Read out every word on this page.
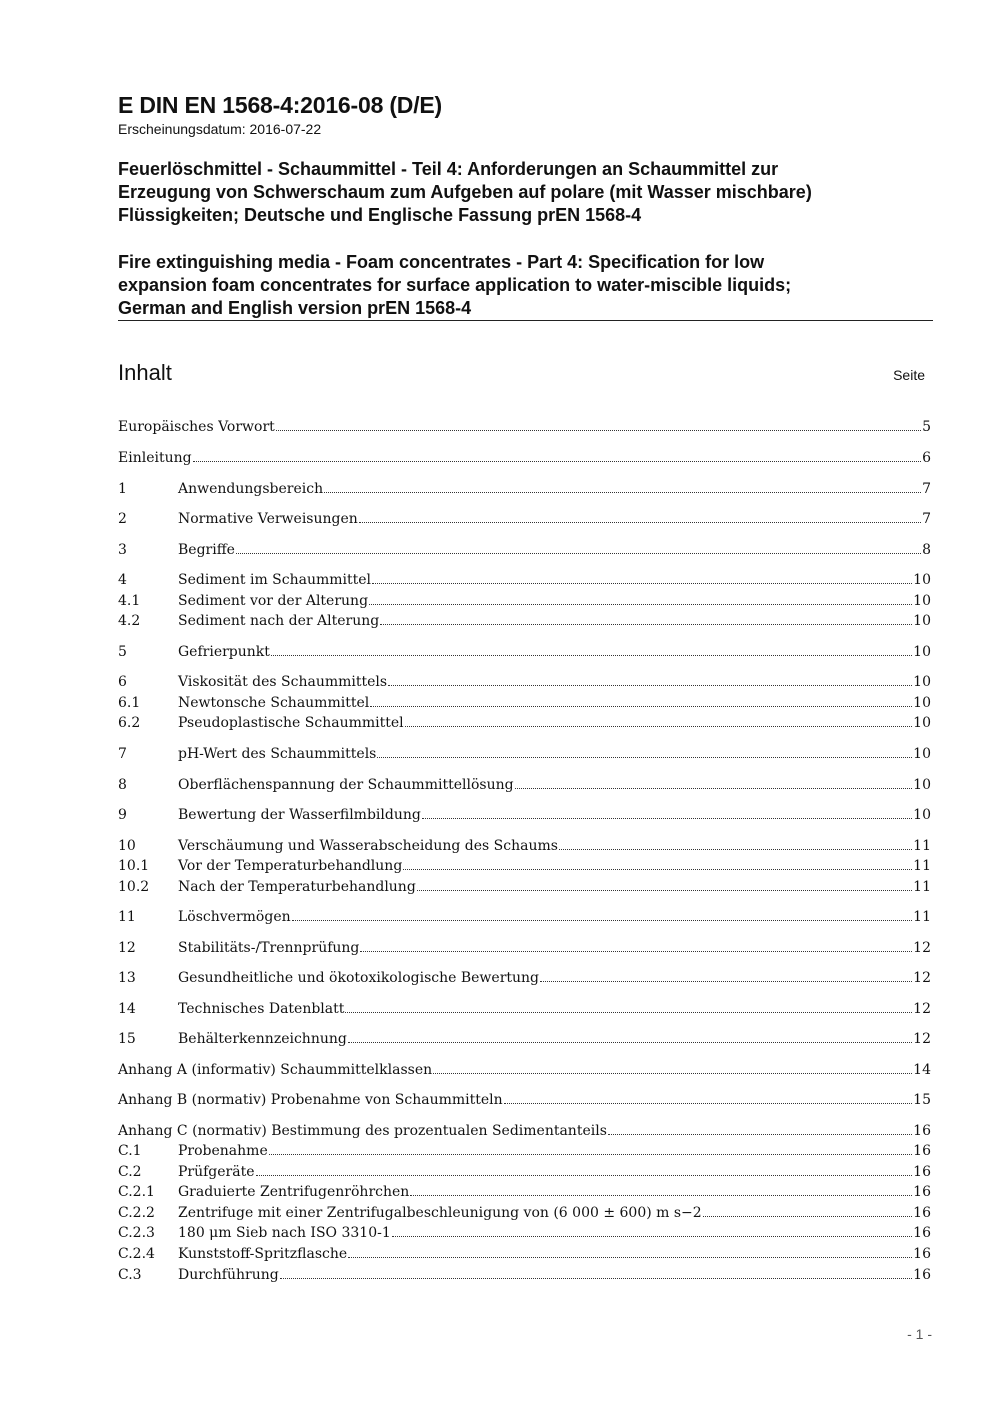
E DIN EN 1568-4:2016-08 (D/E)
Erscheinungsdatum: 2016-07-22
Feuerlöschmittel - Schaummittel - Teil 4: Anforderungen an Schaummittel zur
Erzeugung von Schwerschaum zum Aufgeben auf polare (mit Wasser mischbare)
Flüssigkeiten; Deutsche und Englische Fassung prEN 1568-4
Fire extinguishing media - Foam concentrates - Part 4: Specification for low
expansion foam concentrates for surface application to water-miscible liquids;
German and English version prEN 1568-4
Inhalt	Seite
Europäisches Vorwort	5
Einleitung	6
1	Anwendungsbereich	7
2	Normative Verweisungen	7
3	Begriffe	8
4	Sediment im Schaummittel	10
4.1	Sediment vor der Alterung	10
4.2	Sediment nach der Alterung	10
5	Gefrierpunkt	10
6	Viskosität des Schaummittels	10
6.1	Newtonsche Schaummittel	10
6.2	Pseudoplastische Schaummittel	10
7	pH-Wert des Schaummittels	10
8	Oberflächenspannung der Schaummittellösung	10
9	Bewertung der Wasserfilmbildung	10
10	Verschäumung und Wasserabscheidung des Schaums	11
10.1	Vor der Temperaturbehandlung	11
10.2	Nach der Temperaturbehandlung	11
11	Löschvermögen	11
12	Stabilitäts-/Trennprüfung	12
13	Gesundheitliche und ökotoxikologische Bewertung	12
14	Technisches Datenblatt	12
15	Behälterkennzeichnung	12
Anhang A (informativ) Schaummittelklassen	14
Anhang B (normativ) Probenahme von Schaummitteln	15
Anhang C (normativ) Bestimmung des prozentualen Sedimentanteils	16
C.1	Probenahme	16
C.2	Prüfgeräte	16
C.2.1	Graduierte Zentrifugenröhrchen	16
C.2.2	Zentrifuge mit einer Zentrifugalbeschleunigung von (6 000 ± 600) m s−2	16
C.2.3	180 μm Sieb nach ISO 3310-1	16
C.2.4	Kunststoff-Spritzflasche	16
C.3	Durchführung	16
- 1 -
